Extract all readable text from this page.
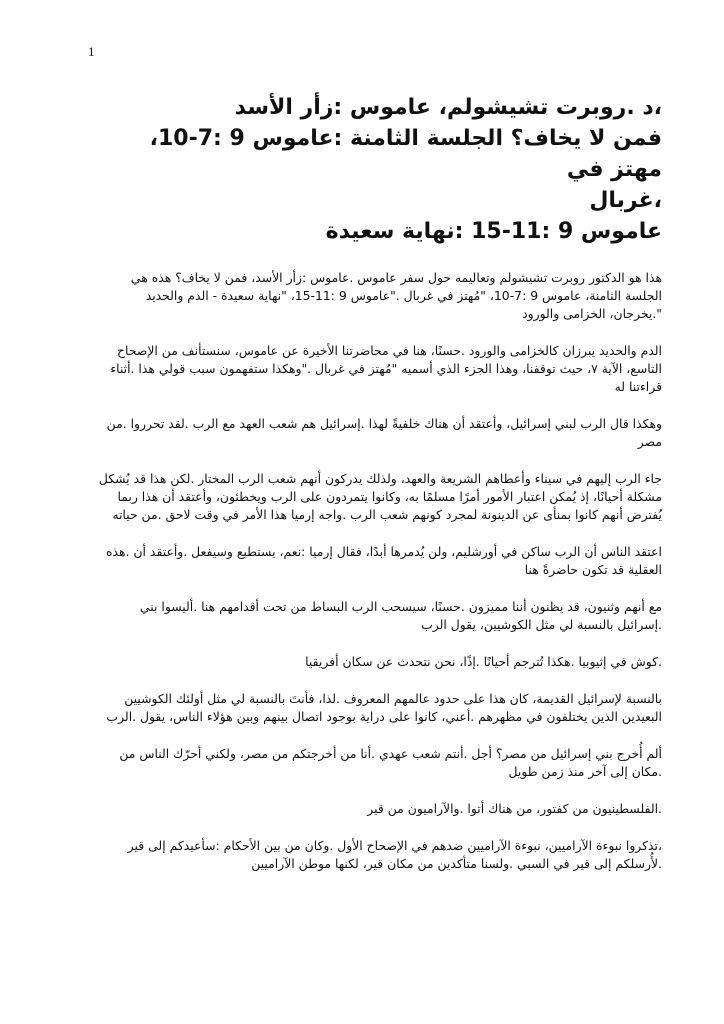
1
،د .روبرت تشيشولم، عاموس :زأر الأسد
فمن لا يخاف؟ الجلسة الثامنة :عاموس 9 :7-10، مهتز في
،غربال
عاموس 9 :11-15 :نهاية سعيدة

هذا هو الدكتور روبرت تشيشولم وتعاليمه حول سفر عاموس .عاموس :زأر الأسد، فمن لا يخاف؟ هذه هي الجلسة الثامنة، عاموس 9 :7-10، "مُهتز في غربال ."عاموس 9 :11-15، "نهاية سعيدة - الدم والحديد ".يخرجان، الخزامى والورود

الدم والحديد يبرزان كالخزامى والورود .حسنًا، هنا في محاضرتنا الأخيرة عن عاموس، سنستأنف من الإصحاح التاسع، الآية ٧، حيث توقفنا، وهذا الجزء الذي أسميه "مُهتز في غربال ."وهكذا ستفهمون سبب قولي هذا .أثناء قراءتنا له

وهكذا قال الرب لبني إسرائيل، وأعتقد أن هناك خلفيةً لهذا .إسرائيل هم شعب العهد مع الرب .لقد تحرروا .من مصر

جاء الرب إليهم في سيناء وأعطاهم الشريعة والعهد، ولذلك يدركون أنهم شعب الرب المختار .لكن هذا قد يُشكل مشكلة أحيانًا، إذ يُمكن اعتبار الأمور أمرًا مسلمًا به، وكانوا يتمردون على الرب ويخطئون، وأعتقد أن هذا ربما يُفترض أنهم كانوا بمنأى عن الدينونة لمجرد كونهم شعب الرب .واجه إرميا هذا الأمر في وقت لاحق .من حياته

اعتقد الناس أن الرب ساكن في أورشليم، ولن يُدمرها أبدًا، فقال إرميا :نعم، يستطيع وسيفعل .وأعتقد أن .هذه العقلية قد تكون حاضرةً هنا

مع أنهم وثنيون، قد يظنون أننا مميزون .حسنًا، سيسحب الرب البساط من تحت أقدامهم هنا .أليسوا بني .إسرائيل بالنسبة لي مثل الكوشيين، يقول الرب

.كوش في إثيوبيا .هكذا تُترجم أحيانًا .إذًا، نحن نتحدث عن سكان أفريقيا

بالنسبة لإسرائيل القديمة، كان هذا على حدود عالمهم المعروف .لذا، فأنتَ بالنسبة لي مثل أولئك الكوشيين البعيدين الذين يختلفون في مظهرهم .أعني، كانوا على دراية بوجود اتصال بينهم وبين هؤلاء الناس، يقول .الرب

ألم أُخرج بني إسرائيل من مصر؟ أجل .أنتم شعب عهدي .أنا من أخرجتكم من مصر، ولكني أحرّك الناس من .مكان إلى آخر منذ زمن طويل

.الفلسطينيون من كفتور، من هناك أتوا .والآراميون من قير

،تذكروا نبوءة الآراميين، نبوءة الآراميين ضدهم في الإصحاح الأول .وكان من بين الأحكام :سأعيدكم إلى قير .لأُرسلكم إلى قير في السبي .ولسنا متأكدين من مكان قير، لكنها موطن الآراميين
